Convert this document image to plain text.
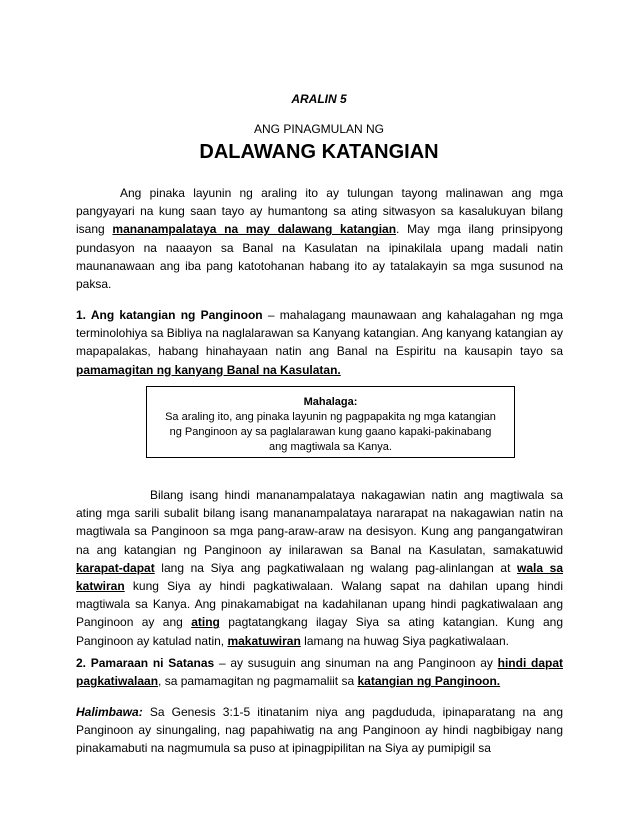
ARALIN 5
ANG PINAGMULAN NG
DALAWANG KATANGIAN
Ang pinaka layunin ng araling ito ay tulungan tayong malinawan ang mga pangyayari na kung saan tayo ay humantong sa ating sitwasyon sa kasalukuyan bilang isang mananampalataya na may dalawang katangian. May mga ilang prinsipyong pundasyon na naaayon sa Banal na Kasulatan na ipinakilala upang madali natin maunanawaan ang iba pang katotohanan habang ito ay tatalakayin sa mga susunod na paksa.
1. Ang katangian ng Panginoon – mahalagang maunawaan ang kahalagahan ng mga terminolohiya sa Bibliya na naglalarawan sa Kanyang katangian. Ang kanyang katangian ay mapapalakas, habang hinahayaan natin ang Banal na Espiritu na kausapin tayo sa pamamagitan ng kanyang Banal na Kasulatan.
Mahalaga:
Sa araling ito, ang pinaka layunin ng pagpapakita ng mga katangian
ng Panginoon ay sa paglalarawan kung gaano kapaki-pakinabang
ang magtiwala sa Kanya.
Bilang isang hindi mananampalataya nakagawian natin ang magtiwala sa ating mga sarili subalit bilang isang mananampalataya nararapat na nakagawian natin na magtiwala sa Panginoon sa mga pang-araw-araw na desisyon. Kung ang pangangatwiran na ang katangian ng Panginoon ay inilarawan sa Banal na Kasulatan, samakatuwid karapat-dapat lang na Siya ang pagkatiwalaan ng walang pag-alinlangan at wala sa katwiran kung Siya ay hindi pagkatiwalaan. Walang sapat na dahilan upang hindi magtiwala sa Kanya. Ang pinakamabigat na kadahilanan upang hindi pagkatiwalaan ang Panginoon ay ang ating pagtatangkang ilagay Siya sa ating katangian. Kung ang Panginoon ay katulad natin, makatuwiran lamang na huwag Siya pagkatiwalaan.
2. Pamaraan ni Satanas – ay susuguin ang sinuman na ang Panginoon ay hindi dapat pagkatiwalaan, sa pamamagitan ng pagmamaliit sa katangian ng Panginoon.
Halimbawa: Sa Genesis 3:1-5 itinatanim niya ang pagdududa, ipinaparatang na ang Panginoon ay sinungaling, nag papahiwatig na ang Panginoon ay hindi nagbibigay nang pinakamabuti na nagmumula sa puso at ipinagpipilitan na Siya ay pumipigil sa
